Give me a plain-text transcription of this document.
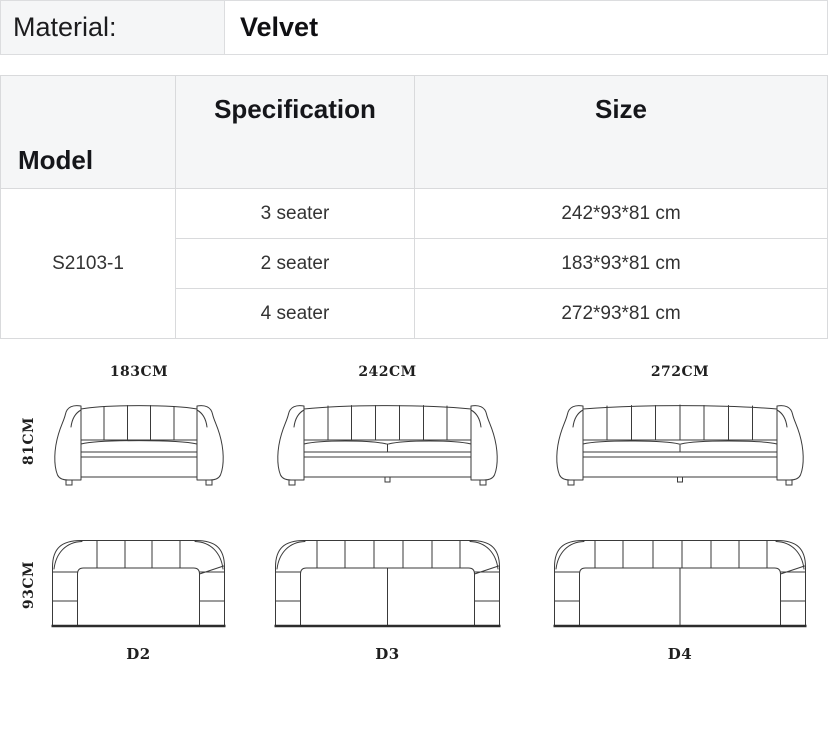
Material:	Velvet
Model	Specification	Size
S2103-1	3 seater	242*93*81 cm
	2 seater	183*93*81 cm
	4 seater	272*93*81 cm
183CM	242CM	272CM
81CM
93CM
D2	D3	D4
